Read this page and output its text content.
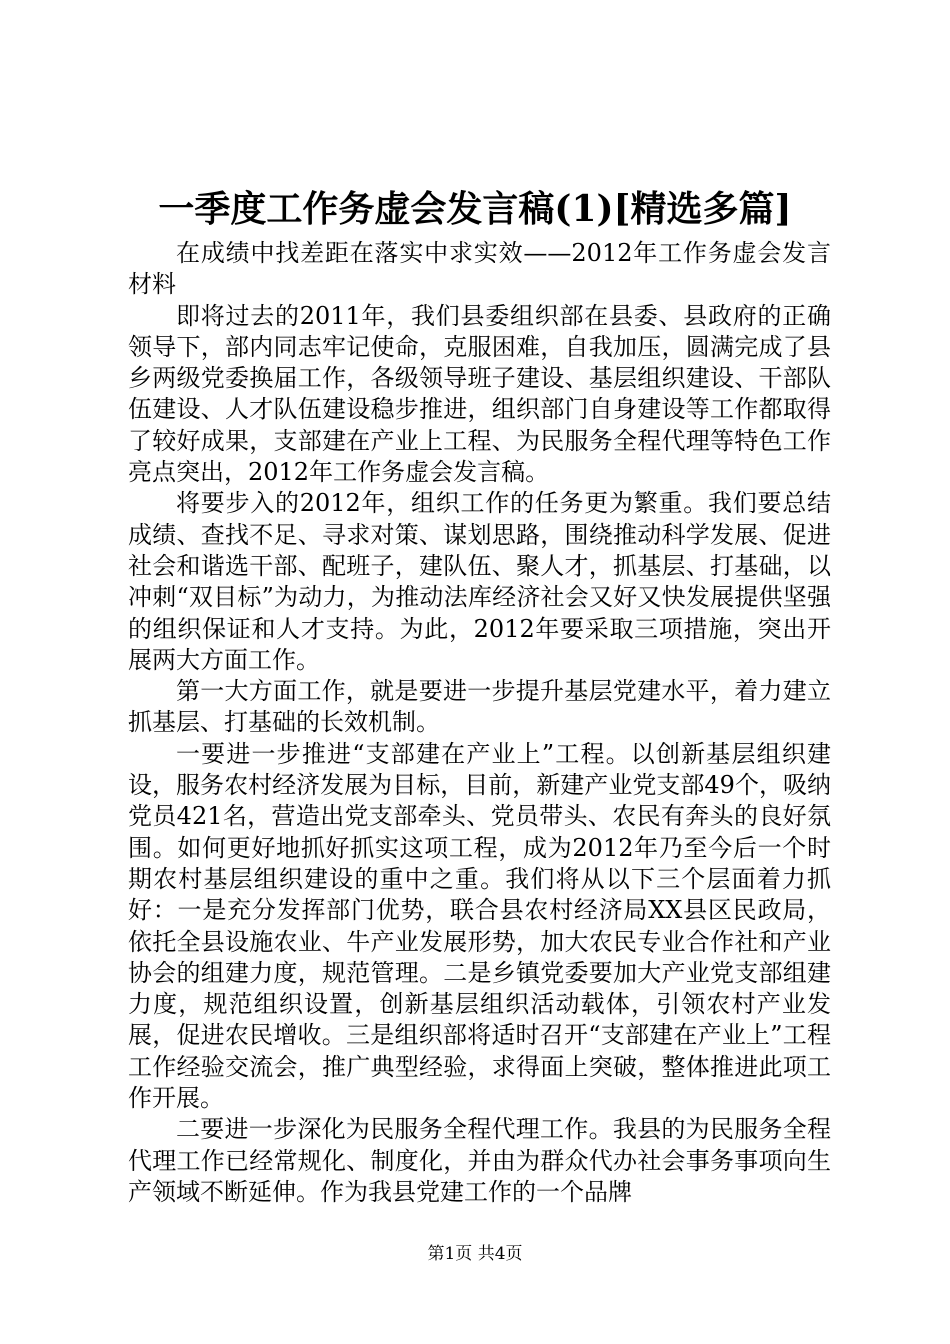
一季度工作务虚会发言稿(1)[精选多篇]

在成绩中找差距在落实中求实效——2012年工作务虚会发言材料

即将过去的2011年，我们县委组织部在县委、县政府的正确领导下，部内同志牢记使命，克服困难，自我加压，圆满完成了县乡两级党委换届工作，各级领导班子建设、基层组织建设、干部队伍建设、人才队伍建设稳步推进，组织部门自身建设等工作都取得了较好成果，支部建在产业上工程、为民服务全程代理等特色工作亮点突出，2012年工作务虚会发言稿。

将要步入的2012年，组织工作的任务更为繁重。我们要总结成绩、查找不足、寻求对策、谋划思路，围绕推动科学发展、促进社会和谐选干部、配班子，建队伍、聚人才，抓基层、打基础，以冲刺“双目标”为动力，为推动法库经济社会又好又快发展提供坚强的组织保证和人才支持。为此，2012年要采取三项措施，突出开展两大方面工作。

第一大方面工作，就是要进一步提升基层党建水平，着力建立抓基层、打基础的长效机制。

一要进一步推进“支部建在产业上”工程。以创新基层组织建设，服务农村经济发展为目标，目前，新建产业党支部49个，吸纳党员421名，营造出党支部牵头、党员带头、农民有奔头的良好氛围。如何更好地抓好抓实这项工程，成为2012年乃至今后一个时期农村基层组织建设的重中之重。我们将从以下三个层面着力抓好：一是充分发挥部门优势，联合县农村经济局XX县区民政局，依托全县设施农业、牛产业发展形势，加大农民专业合作社和产业协会的组建力度，规范管理。二是乡镇党委要加大产业党支部组建力度，规范组织设置，创新基层组织活动载体，引领农村产业发展，促进农民增收。三是组织部将适时召开“支部建在产业上”工程工作经验交流会，推广典型经验，求得面上突破，整体推进此项工作开展。

二要进一步深化为民服务全程代理工作。我县的为民服务全程代理工作已经常规化、制度化，并由为群众代办社会事务事项向生产领域不断延伸。作为我县党建工作的一个品牌

第1页 共4页
